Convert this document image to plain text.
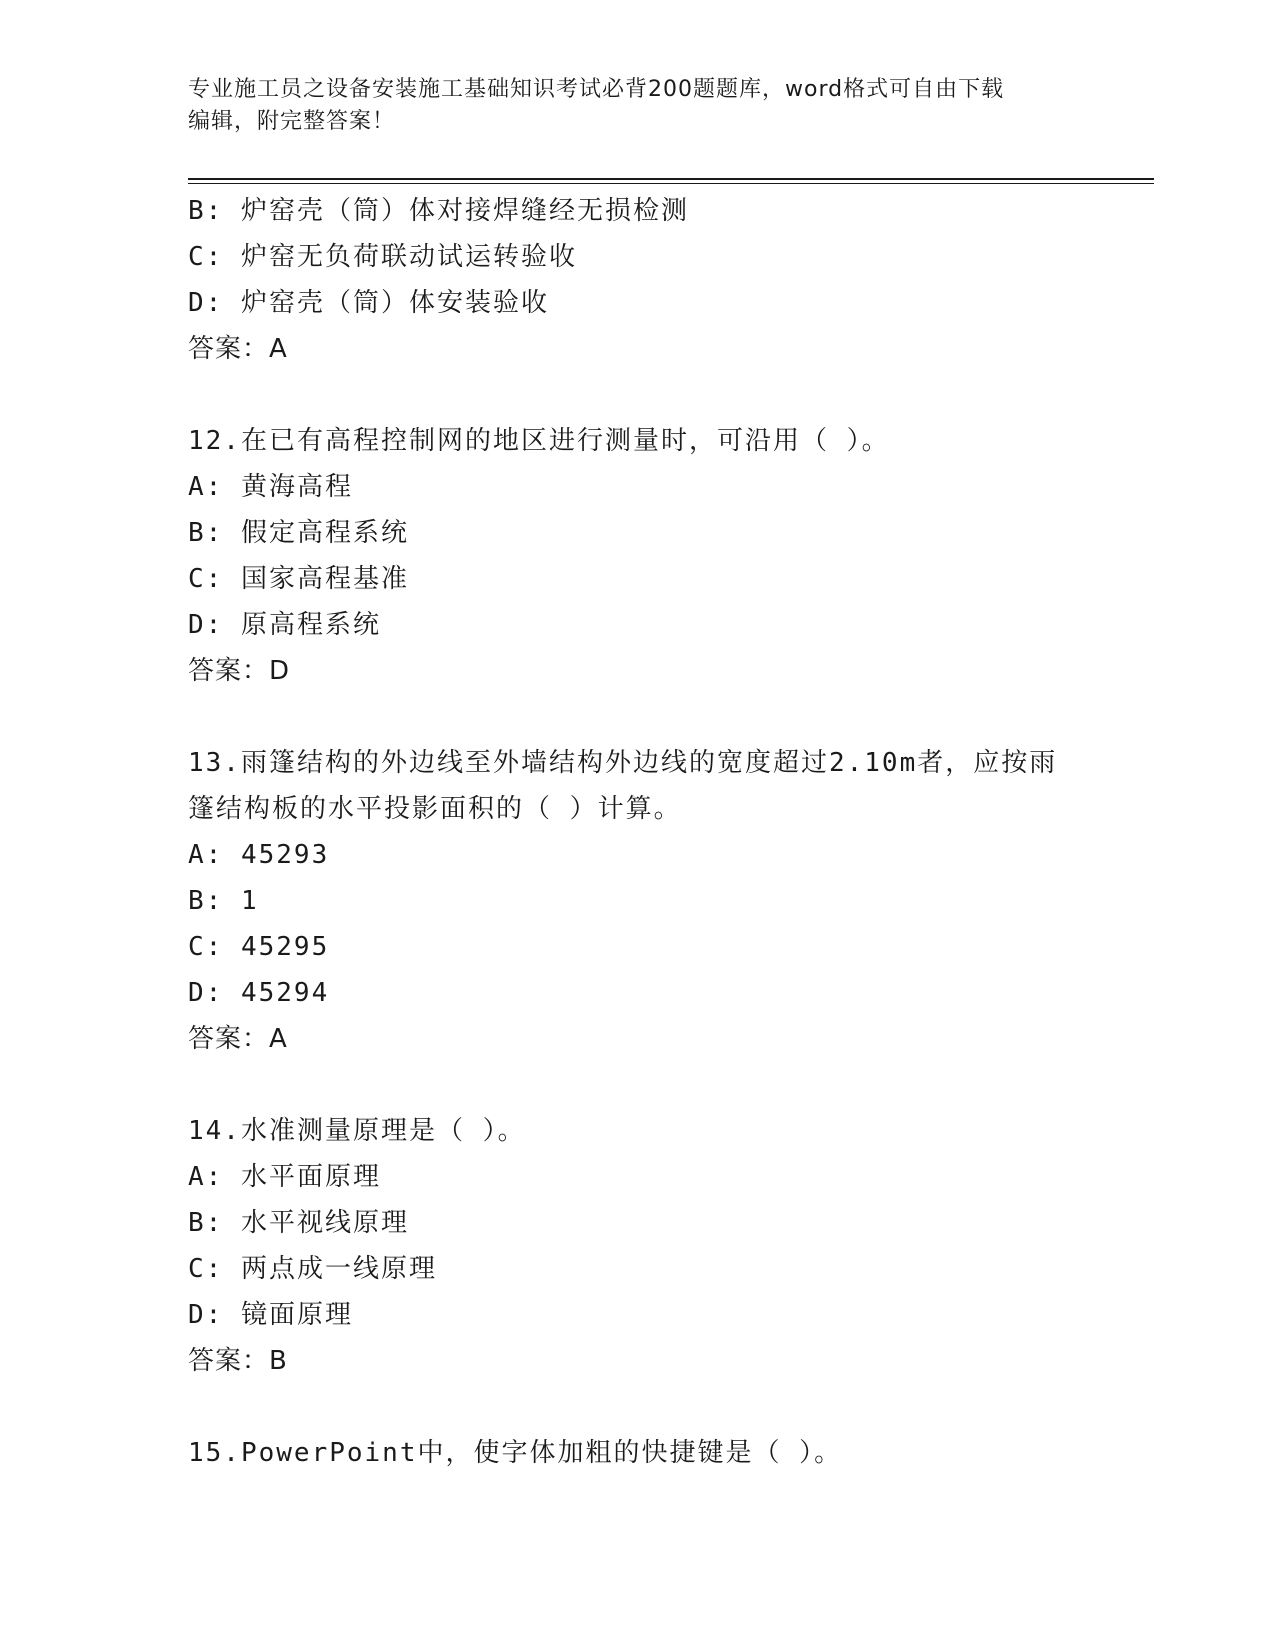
专业施工员之设备安装施工基础知识考试必背200题题库，word格式可自由下载
编辑，附完整答案！
B: 炉窑壳（筒）体对接焊缝经无损检测
C: 炉窑无负荷联动试运转验收
D: 炉窑壳（筒）体安装验收
答案：A
12.在已有高程控制网的地区进行测量时，可沿用（ ）。
A: 黄海高程
B: 假定高程系统
C: 国家高程基准
D: 原高程系统
答案：D
13.雨篷结构的外边线至外墙结构外边线的宽度超过2.10m者，应按雨
篷结构板的水平投影面积的（ ）计算。
A: 45293
B: 1
C: 45295
D: 45294
答案：A
14.水准测量原理是（ ）。
A: 水平面原理
B: 水平视线原理
C: 两点成一线原理
D: 镜面原理
答案：B
15.PowerPoint中，使字体加粗的快捷键是（ ）。
